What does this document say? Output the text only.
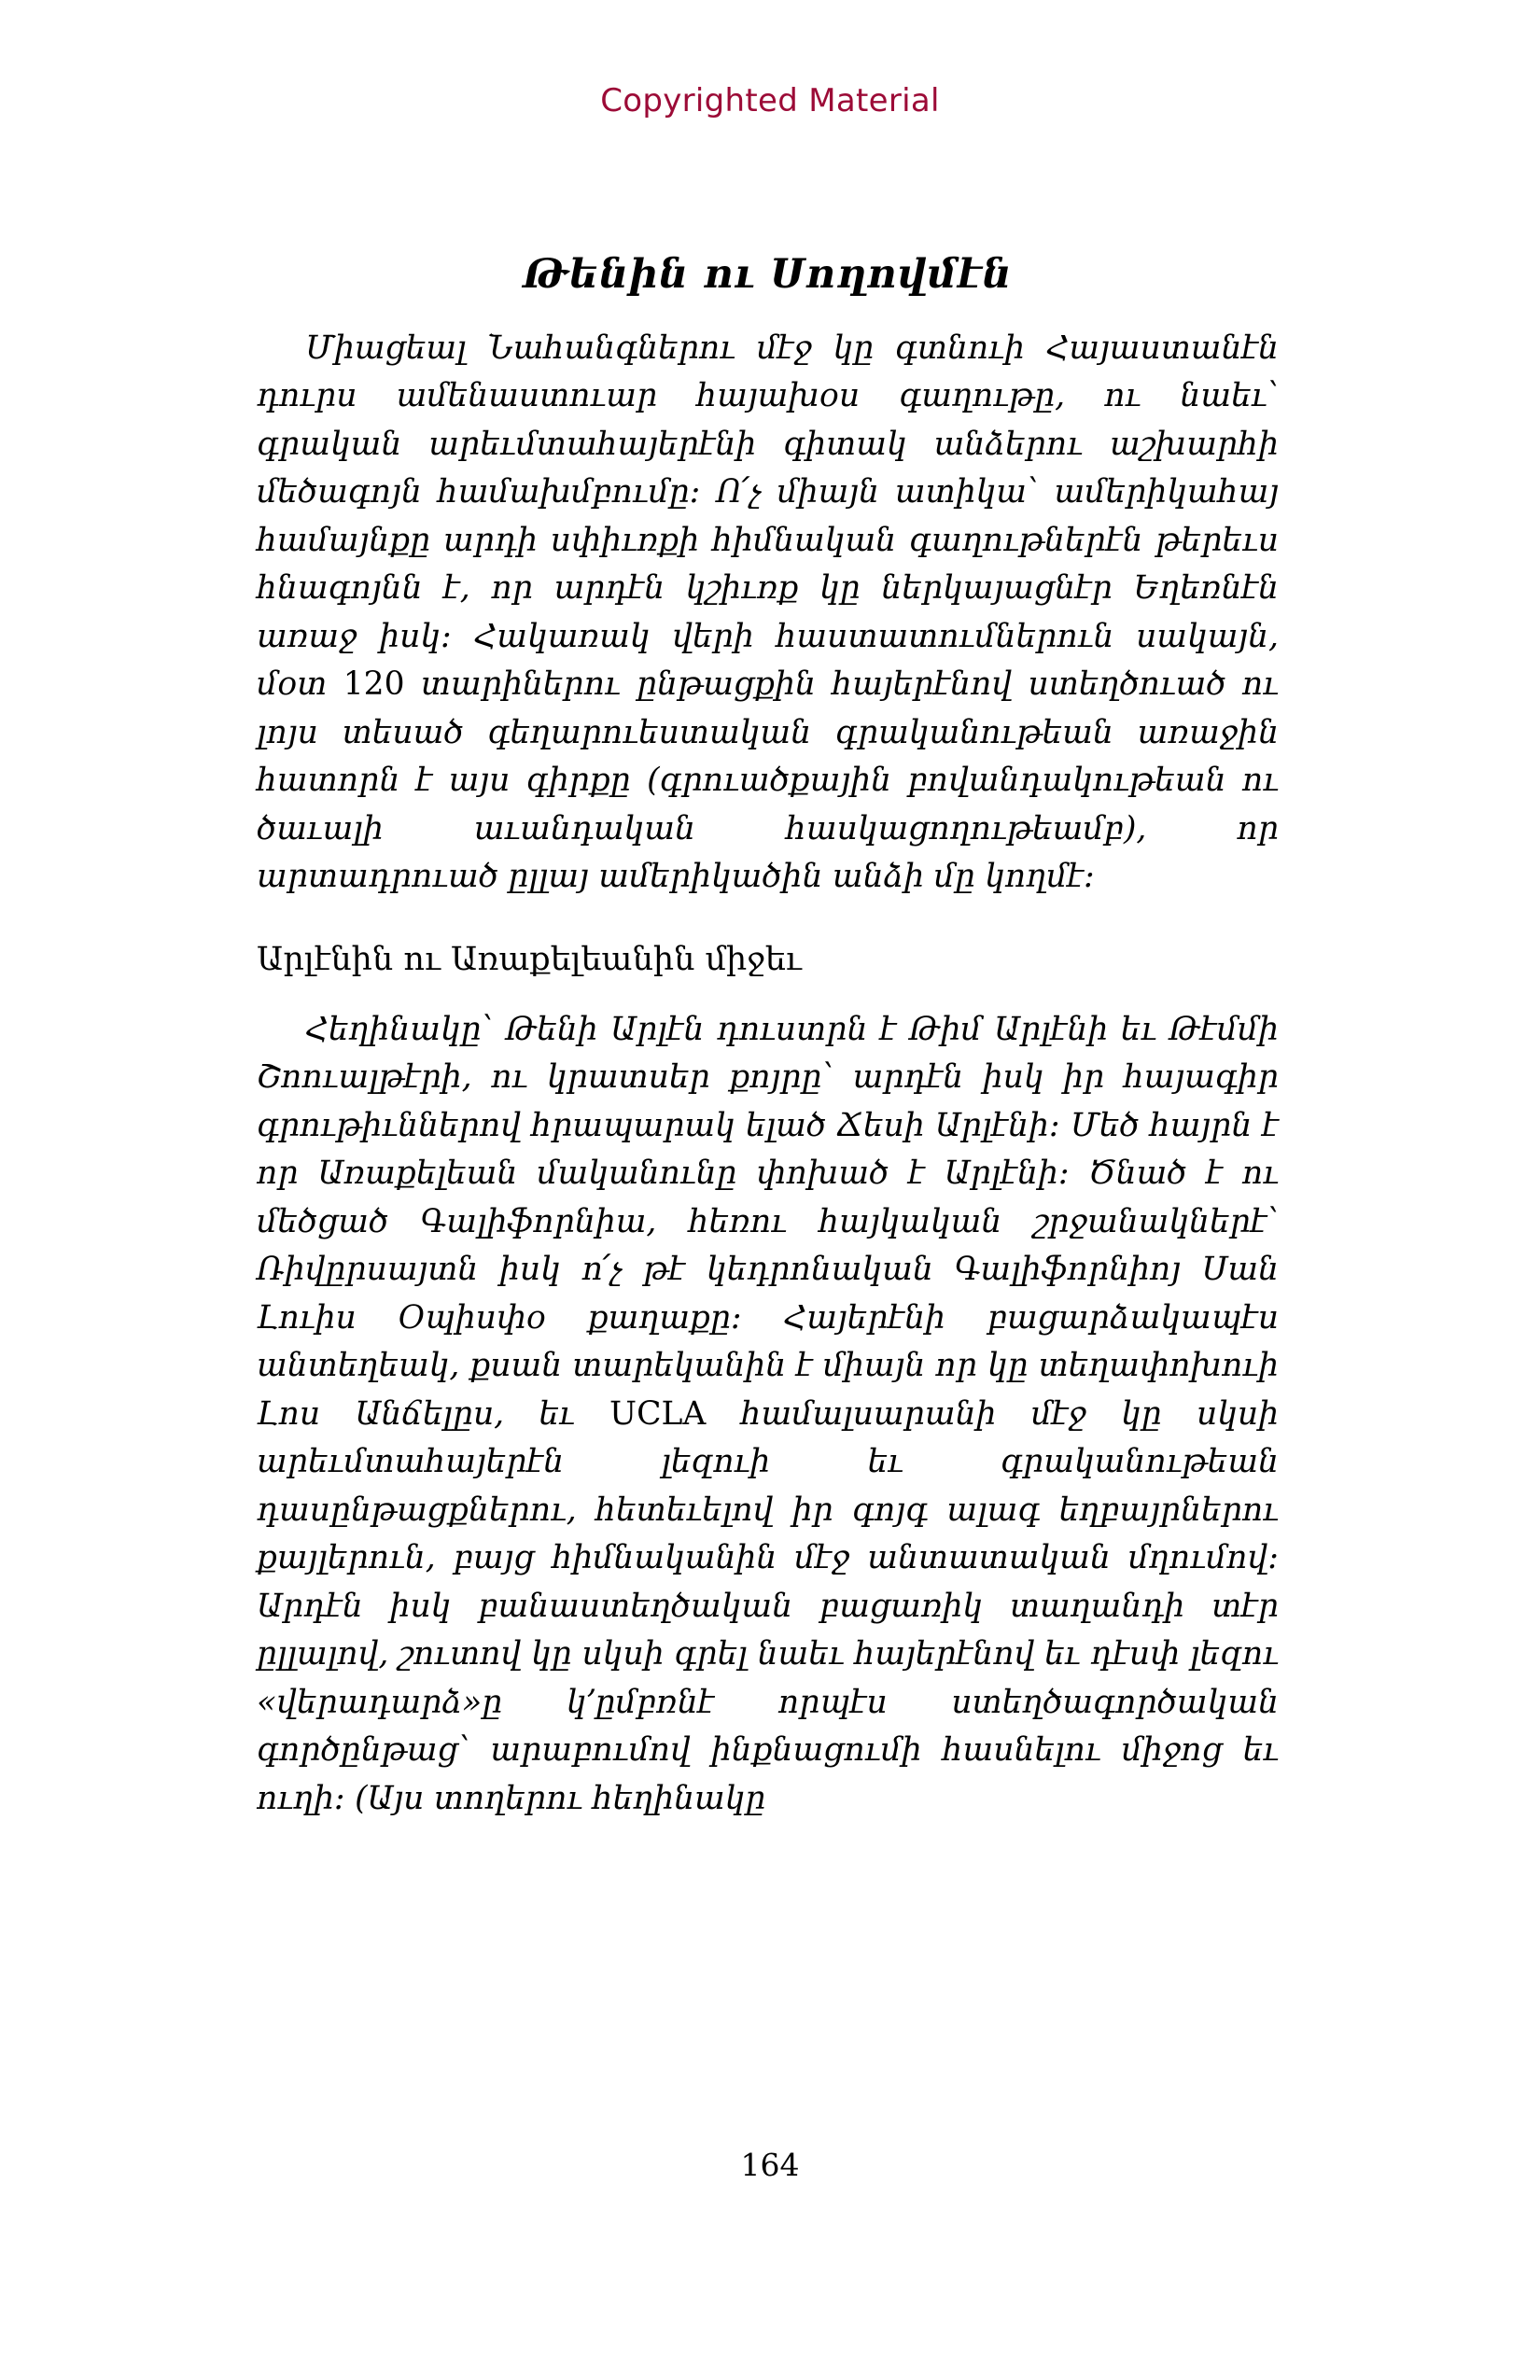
Copyrighted Material
Թենին ու Սողովմէն

Միացեալ Նահանգներու մէջ կը գտնուի Հայաստանէն դուրս ամենաստուար հայախօս գաղութը, ու նաեւ՝ գրական արեւմտահայերէնի գիտակ անձերու աշխարհի մեծագոյն համախմբումը։ Ո՛չ միայն ատիկա՝ ամերիկահայ համայնքը արդի սփիւռքի հիմնական գաղութներէն թերեւս հնագոյնն է, որ արդէն կշիւռք կը ներկայացնէր Եղեռնէն առաջ իսկ։ Հակառակ վերի հաստատումներուն սակայն, մօտ 120 տարիներու ընթացքին հայերէնով ստեղծուած ու լոյս տեսած գեղարուեստական գրականութեան առաջին հատորն է այս գիրքը (գրուածքային բովանդակութեան ու ծաւալի աւանդական հասկացողութեամբ), որ արտադրուած ըլլայ ամերիկածին անձի մը կողմէ։

Արլէնին ու Առաքելեանին միջեւ

Հեղինակը՝ Թենի Արլէն դուստրն է Թիմ Արլէնի եւ Թէմմի Շոուալթէրի, ու կրատսեր քոյրը՝ արդէն իսկ իր հայագիր գրութիւններով հրապարակ ելած Ճեսի Արլէնի։ Մեծ հայրն է որ Առաքելեան մականունը փոխած է Արլէնի։ Ծնած է ու մեծցած Գալիֆորնիա, հեռու հայկական շրջանակներէ՝ Ռիվըրսայտն իսկ ո՛չ թէ կեդրոնական Գալիֆորնիոյ Սան Լուիս Օպիսփօ քաղաքը։ Հայերէնի բացարձակապէս անտեղեակ, քսան տարեկանին է միայն որ կը տեղափոխուի Լոս Անճելըս, եւ UCLA համալսարանի մէջ կը սկսի արեւմտահայերէն լեզուի եւ գրականութեան դասընթացքներու, հետեւելով իր գոյգ ալագ եղբայրներու քայլերուն, բայց հիմնականին մէջ անտատական մղումով։ Արդէն իսկ բանաստեղծական բացառիկ տաղանդի տէր ըլլալով, շուտով կը սկսի գրել նաեւ հայերէնով եւ դէսփ լեզու «վերադարձ»ը կ՚ըմբռնէ որպէս ստեղծագործական գործընթաց՝ արաբումով ինքնացումի հասնելու միջոց եւ ուղի։ (Այս տողերու հեղինակը

164
